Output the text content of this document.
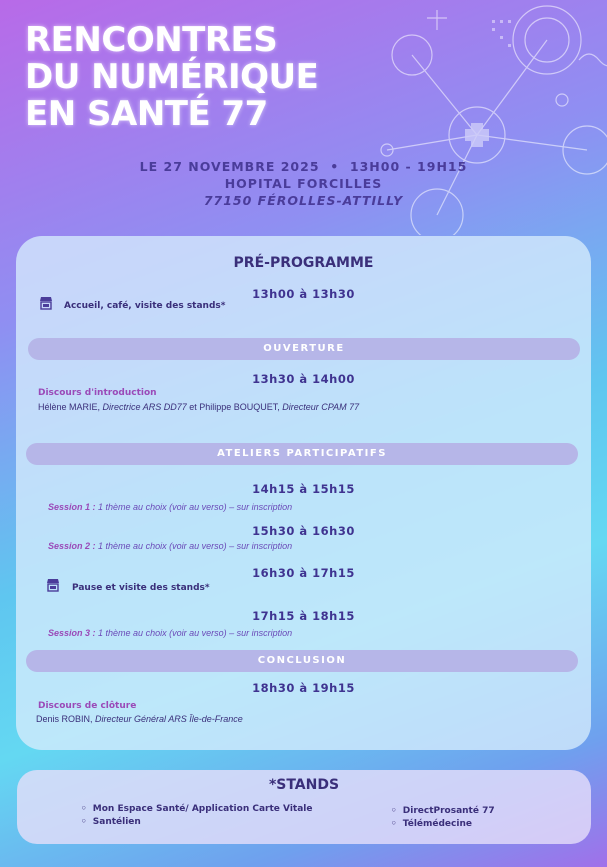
RENCONTRES
DU NUMÉRIQUE
EN SANTÉ 77
LE 27 NOVEMBRE 2025  •  13H00 - 19H15
HOPITAL FORCILLES
77150 FÉROLLES-ATTILLY
PRÉ-PROGRAMME
13h00 à 13h30
Accueil, café, visite des stands*
OUVERTURE
13h30 à 14h00
Discours d'introduction
Hélène MARIE, Directrice ARS DD77 et Philippe BOUQUET, Directeur CPAM 77
ATELIERS PARTICIPATIFS
14h15 à 15h15
Session 1 : 1 thème au choix (voir au verso) – sur inscription
15h30 à 16h30
Session 2 : 1 thème au choix (voir au verso) – sur inscription
16h30 à 17h15
Pause et visite des stands*
17h15 à 18h15
Session 3 : 1 thème au choix (voir au verso) – sur inscription
CONCLUSION
18h30 à 19h15
Discours de clôture
Denis ROBIN, Directeur Général ARS Île-de-France
*STANDS
◦ Mon Espace Santé/ Application Carte Vitale
◦ Santélien
◦ DirectProsanté 77
◦ Télémédecine
